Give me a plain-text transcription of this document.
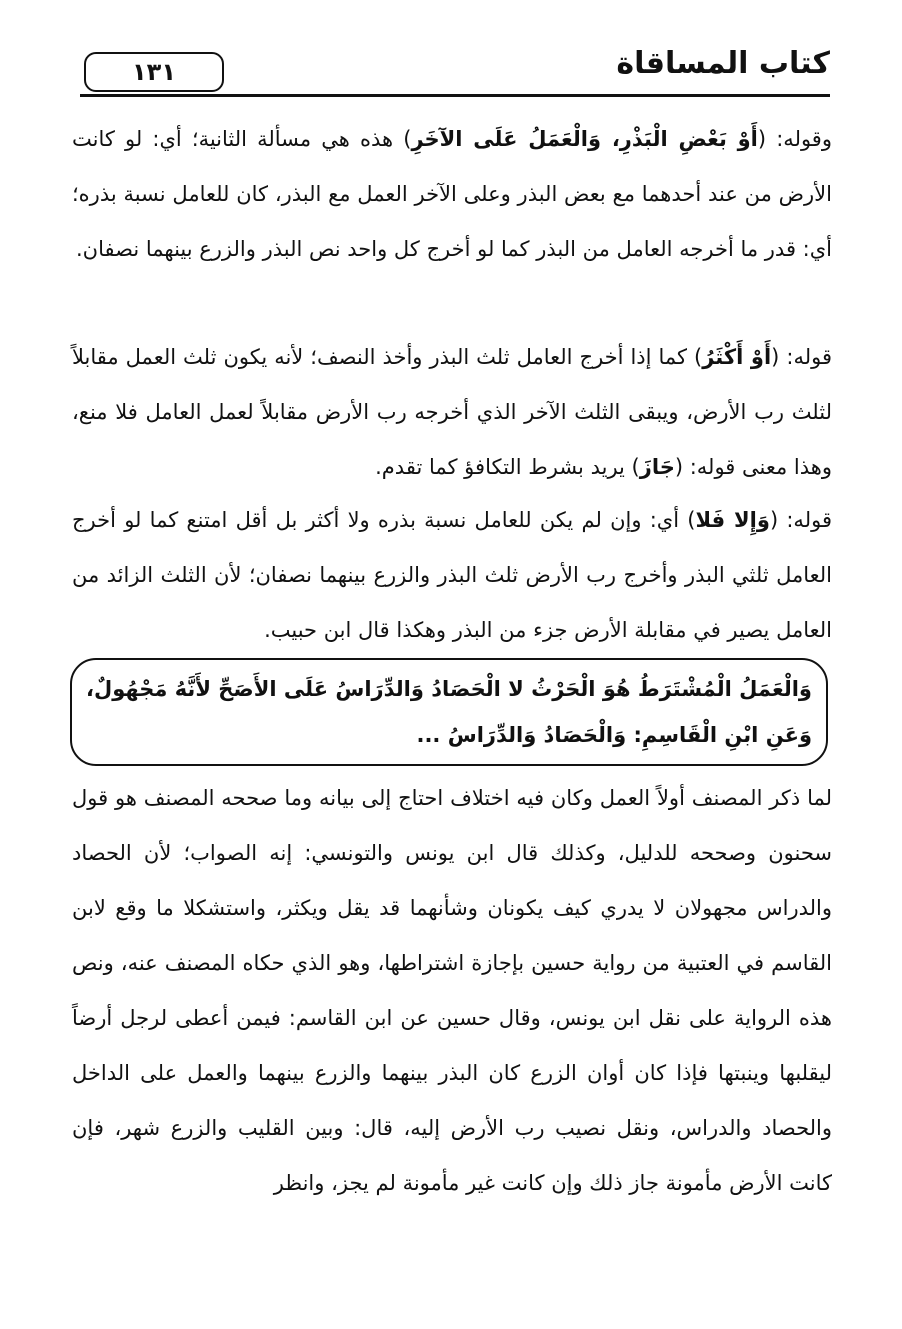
١٣١	كتاب المساقاة
وقوله: (أَوْ بَعْضِ الْبَذْرِ، وَالْعَمَلُ عَلَى الآخَرِ) هذه هي مسألة الثانية؛ أي: لو كانت الأرض من عند أحدهما مع بعض البذر وعلى الآخر العمل مع البذر، كان للعامل نسبة بذره؛ أي: قدر ما أخرجه العامل من البذر كما لو أخرج كل واحد نص البذر والزرع بينهما نصفان.
قوله: (أَوْ أَكْثَرُ) كما إذا أخرج العامل ثلث البذر وأخذ النصف؛ لأنه يكون ثلث العمل مقابلاً لثلث رب الأرض، ويبقى الثلث الآخر الذي أخرجه رب الأرض مقابلاً لعمل العامل فلا منع، وهذا معنى قوله: (جَازَ) يريد بشرط التكافؤ كما تقدم.
قوله: (وَإِلا فَلا) أي: وإن لم يكن للعامل نسبة بذره ولا أكثر بل أقل امتنع كما لو أخرج العامل ثلثي البذر وأخرج رب الأرض ثلث البذر والزرع بينهما نصفان؛ لأن الثلث الزائد من العامل يصير في مقابلة الأرض جزء من البذر وهكذا قال ابن حبيب.
وَالْعَمَلُ الْمُشْتَرَطُ هُوَ الْحَرْثُ لا الْحَصَادُ وَالدِّرَاسُ عَلَى الأَصَحِّ لأَنَّهُ مَجْهُولٌ، وَعَنِ ابْنِ الْقَاسِمِ: وَالْحَصَادُ وَالدِّرَاسُ ...
لما ذكر المصنف أولاً العمل وكان فيه اختلاف احتاج إلى بيانه وما صححه المصنف هو قول سحنون وصححه للدليل، وكذلك قال ابن يونس والتونسي: إنه الصواب؛ لأن الحصاد والدراس مجهولان لا يدري كيف يكونان وشأنهما قد يقل ويكثر، واستشكلا ما وقع لابن القاسم في العتبية من رواية حسين بإجازة اشتراطها، وهو الذي حكاه المصنف عنه، ونص هذه الرواية على نقل ابن يونس، وقال حسين عن ابن القاسم: فيمن أعطى لرجل أرضاً ليقلبها وينبتها فإذا كان أوان الزرع كان البذر بينهما والزرع بينهما والعمل على الداخل والحصاد والدراس، ونقل نصيب رب الأرض إليه، قال: وبين القليب والزرع شهر، فإن كانت الأرض مأمونة جاز ذلك وإن كانت غير مأمونة لم يجز، وانظر
